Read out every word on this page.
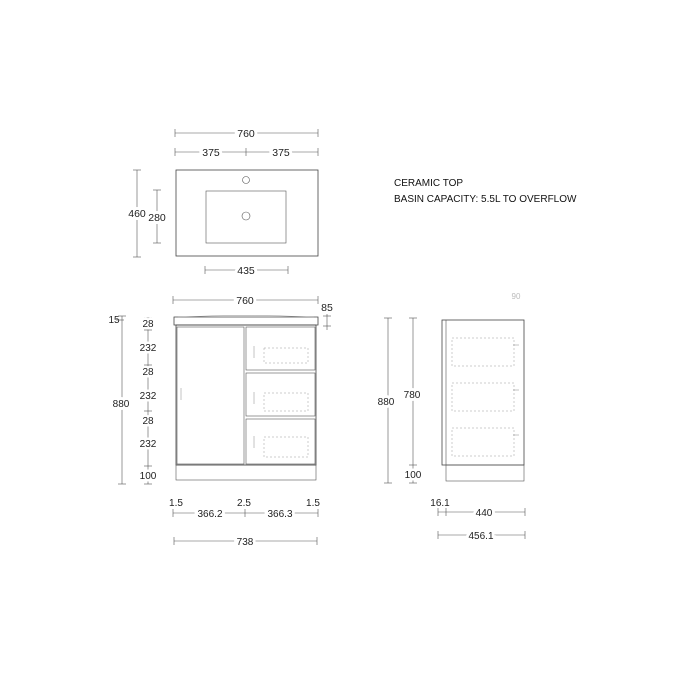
760
375	375
460 280
435
CERAMIC TOP
BASIN CAPACITY: 5.5L TO OVERFLOW
760
85
15
880
28
232
28
232
28
232
100
1.5	2.5	1.5
366.2	366.3
738
90
880
780
100
16.1
440
456.1
